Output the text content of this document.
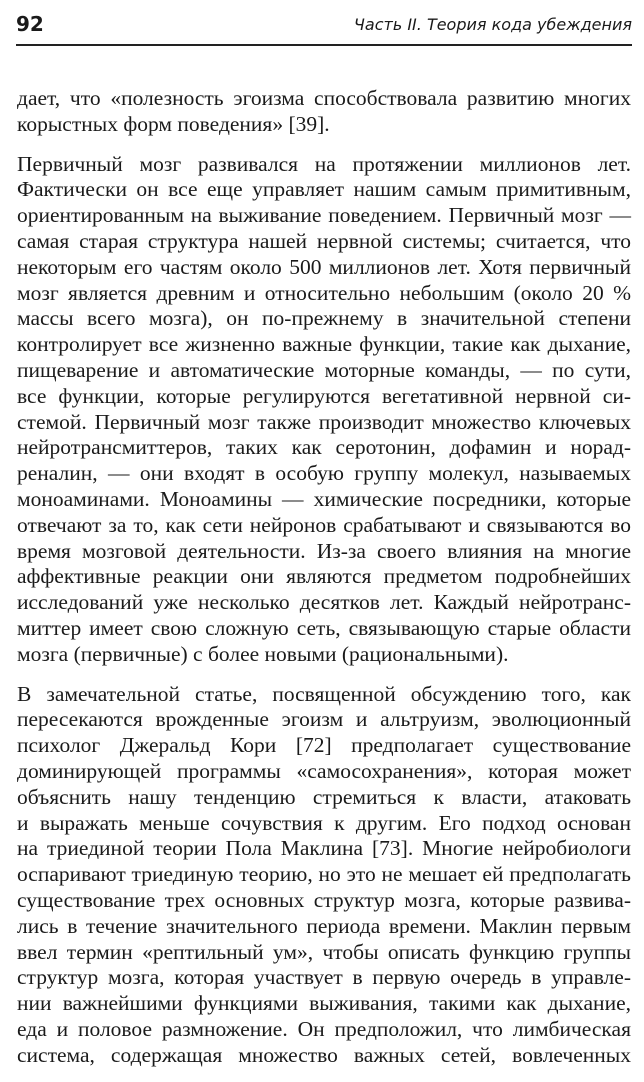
92	Часть II. Теория кода убеждения

дает, что «полезность эгоизма способствовала развитию многих
корыстных форм поведения» [39].

Первичный мозг развивался на протяжении миллионов лет.
Фактически он все еще управляет нашим самым примитивным,
ориентированным на выживание поведением. Первичный мозг —
самая старая структура нашей нервной системы; считается, что
некоторым его частям около 500 миллионов лет. Хотя первичный
мозг является древним и относительно небольшим (около 20 %
массы всего мозга), он по-прежнему в значительной степени
контролирует все жизненно важные функции, такие как дыхание,
пищеварение и автоматические моторные команды, — по сути,
все функции, которые регулируются вегетативной нервной си-
стемой. Первичный мозг также производит множество ключевых
нейротрансмиттеров, таких как серотонин, дофамин и норад-
реналин, — они входят в особую группу молекул, называемых
моноаминами. Моноамины — химические посредники, которые
отвечают за то, как сети нейронов срабатывают и связываются во
время мозговой деятельности. Из-за своего влияния на многие
аффективные реакции они являются предметом подробнейших
исследований уже несколько десятков лет. Каждый нейротранс-
миттер имеет свою сложную сеть, связывающую старые области
мозга (первичные) с более новыми (рациональными).

В замечательной статье, посвященной обсуждению того, как
пересекаются врожденные эгоизм и альтруизм, эволюционный
психолог Джеральд Кори [72] предполагает существование
доминирующей программы «самосохранения», которая может
объяснить нашу тенденцию стремиться к власти, атаковать
и выражать меньше сочувствия к другим. Его подход основан
на триединой теории Пола Маклина [73]. Многие нейробиологи
оспаривают триединую теорию, но это не мешает ей предполагать
существование трех основных структур мозга, которые развива-
лись в течение значительного периода времени. Маклин первым
ввел термин «рептильный ум», чтобы описать функцию группы
структур мозга, которая участвует в первую очередь в управле-
нии важнейшими функциями выживания, такими как дыхание,
еда и половое размножение. Он предположил, что лимбическая
система, содержащая множество важных сетей, вовлеченных
